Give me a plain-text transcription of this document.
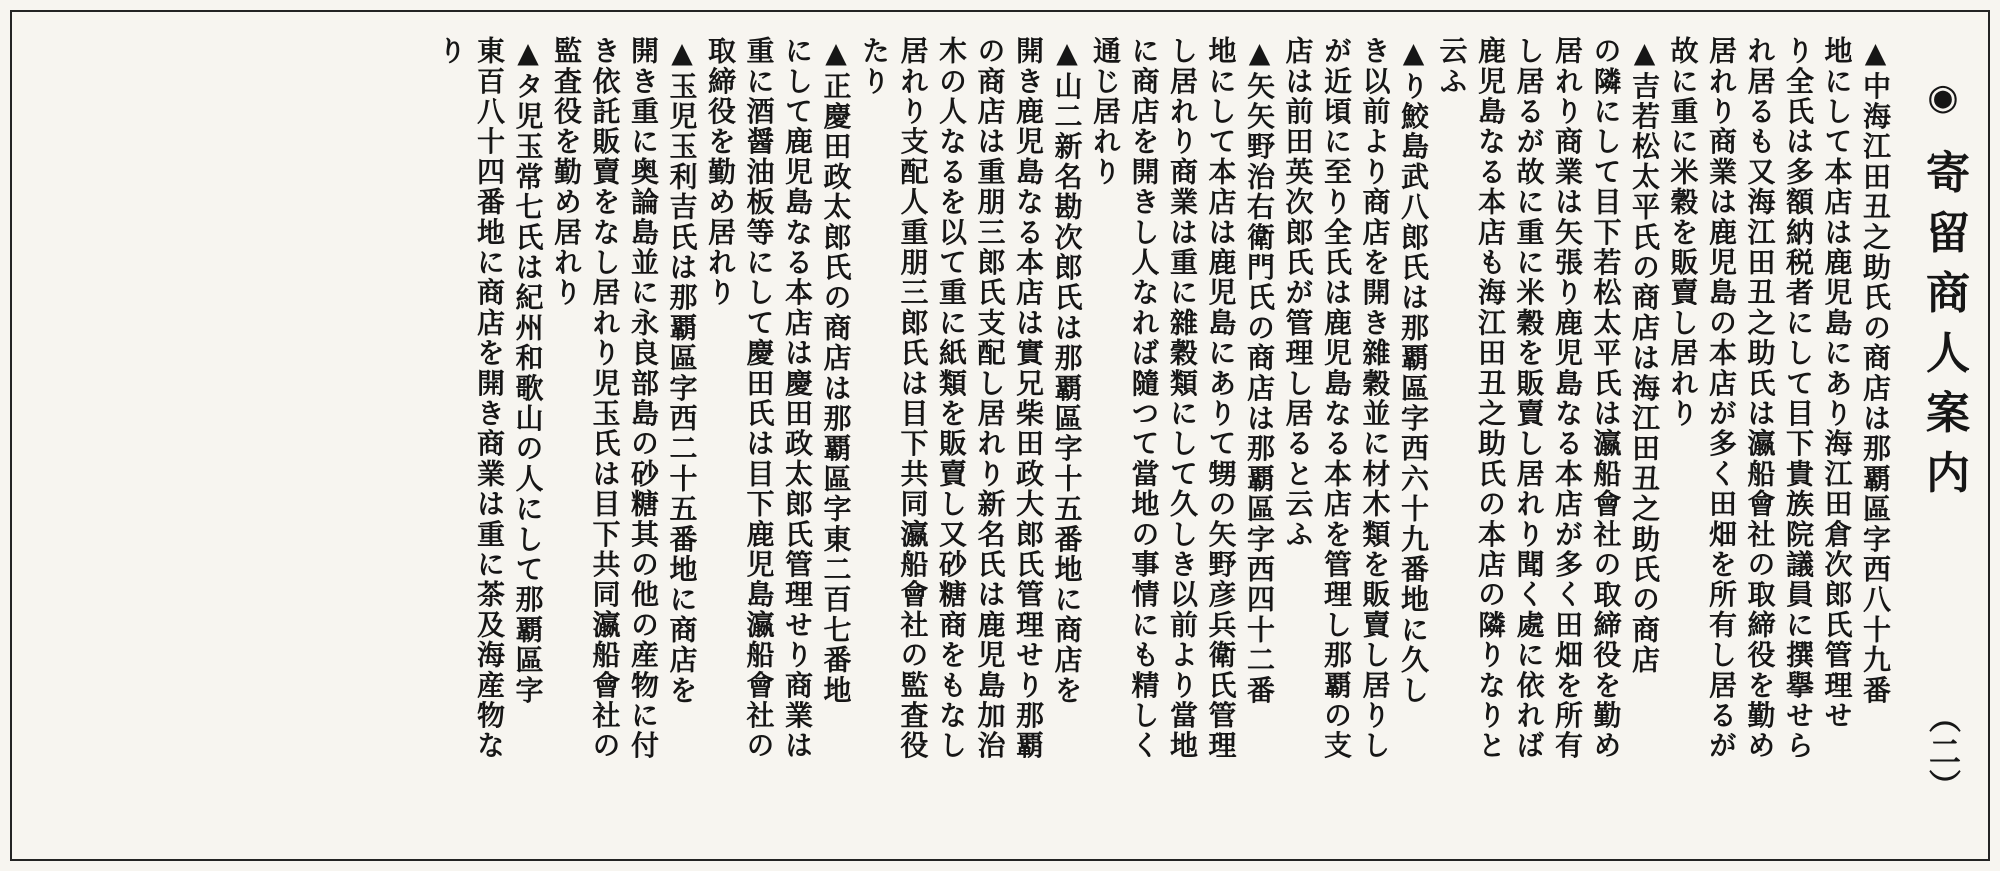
◉ 寄留商人案内 （二）
▲中海江田丑之助氏の商店は那覇區字西八十九番
地にして本店は鹿児島にあり海江田倉次郎氏管理せ
り全氏は多額納税者にして目下貴族院議員に撰擧せら
れ居るも又海江田丑之助氏は瀛船會社の取締役を勤め
居れり商業は鹿児島の本店が多く田畑を所有し居るが
故に重に米穀を販賣し居れり
▲吉若松太平氏の商店は海江田丑之助氏の商店
の隣にして目下若松太平氏は瀛船會社の取締役を勤め
居れり商業は矢張り鹿児島なる本店が多く田畑を所有
し居るが故に重に米穀を販賣し居れり聞く處に依れば
鹿児島なる本店も海江田丑之助氏の本店の隣りなりと
云ふ
▲り鮫島武八郎氏は那覇區字西六十九番地に久し
き以前より商店を開き雜穀並に材木類を販賣し居りし
が近頃に至り全氏は鹿児島なる本店を管理し那覇の支
店は前田英次郎氏が管理し居ると云ふ
▲矢矢野治右衛門氏の商店は那覇區字西四十二番
地にして本店は鹿児島にありて甥の矢野彦兵衛氏管理
し居れり商業は重に雜穀類にして久しき以前より當地
に商店を開きし人なれば隨つて當地の事情にも精しく
通じ居れり
▲山二新名勘次郎氏は那覇區字十五番地に商店を
開き鹿児島なる本店は實兄柴田政大郎氏管理せり那覇
の商店は重朋三郎氏支配し居れり新名氏は鹿児島加治
木の人なるを以て重に紙類を販賣し又砂糖商をもなし
居れり支配人重朋三郎氏は目下共同瀛船會社の監査役
たり
▲正慶田政太郎氏の商店は那覇區字東二百七番地
にして鹿児島なる本店は慶田政太郎氏管理せり商業は
重に酒醤油板等にして慶田氏は目下鹿児島瀛船會社の
取締役を勤め居れり
▲玉児玉利吉氏は那覇區字西二十五番地に商店を
開き重に奥論島並に永良部島の砂糖其の他の産物に付
き依託販賣をなし居れり児玉氏は目下共同瀛船會社の
監査役を勤め居れり
▲タ児玉常七氏は紀州和歌山の人にして那覇區字
東百八十四番地に商店を開き商業は重に茶及海産物な
り
